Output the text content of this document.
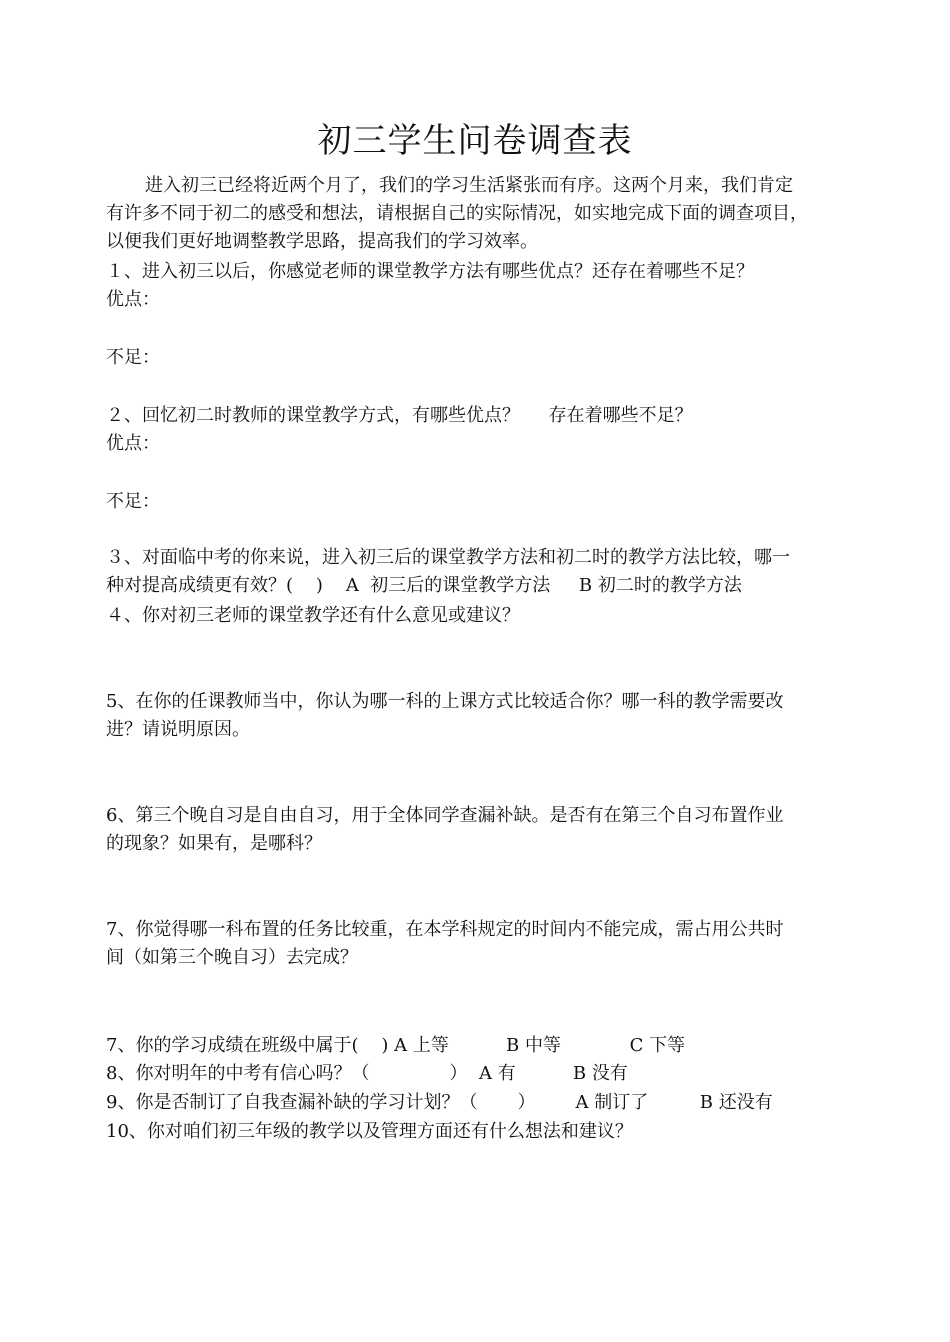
初三学生问卷调查表
进入初三已经将近两个月了，我们的学习生活紧张而有序。这两个月来，我们肯定
有许多不同于初二的感受和想法，请根据自己的实际情况，如实地完成下面的调查项目，
以便我们更好地调整教学思路，提高我们的学习效率。
１、进入初三以后，你感觉老师的课堂教学方法有哪些优点？还存在着哪些不足？
优点：
不足：
２、回忆初二时教师的课堂教学方式，有哪些优点？     存在着哪些不足？
优点：
不足：
３、对面临中考的你来说，进入初三后的课堂教学方法和初二时的教学方法比较，哪一
种对提高成绩更有效？(    )    A  初三后的课堂教学方法     B 初二时的教学方法
４、你对初三老师的课堂教学还有什么意见或建议？
5、在你的任课教师当中，你认为哪一科的上课方式比较适合你？哪一科的教学需要改
进？请说明原因。
6、第三个晚自习是自由自习，用于全体同学查漏补缺。是否有在第三个自习布置作业
的现象？如果有，是哪科？
7、你觉得哪一科布置的任务比较重，在本学科规定的时间内不能完成，需占用公共时
间（如第三个晚自习）去完成？
7、你的学习成绩在班级中属于(    ) A 上等          B 中等            C 下等
8、你对明年的中考有信心吗？（              ）  A 有          B 没有
9、你是否制订了自我查漏补缺的学习计划？（       ）       A 制订了         B 还没有
10、你对咱们初三年级的教学以及管理方面还有什么想法和建议？
